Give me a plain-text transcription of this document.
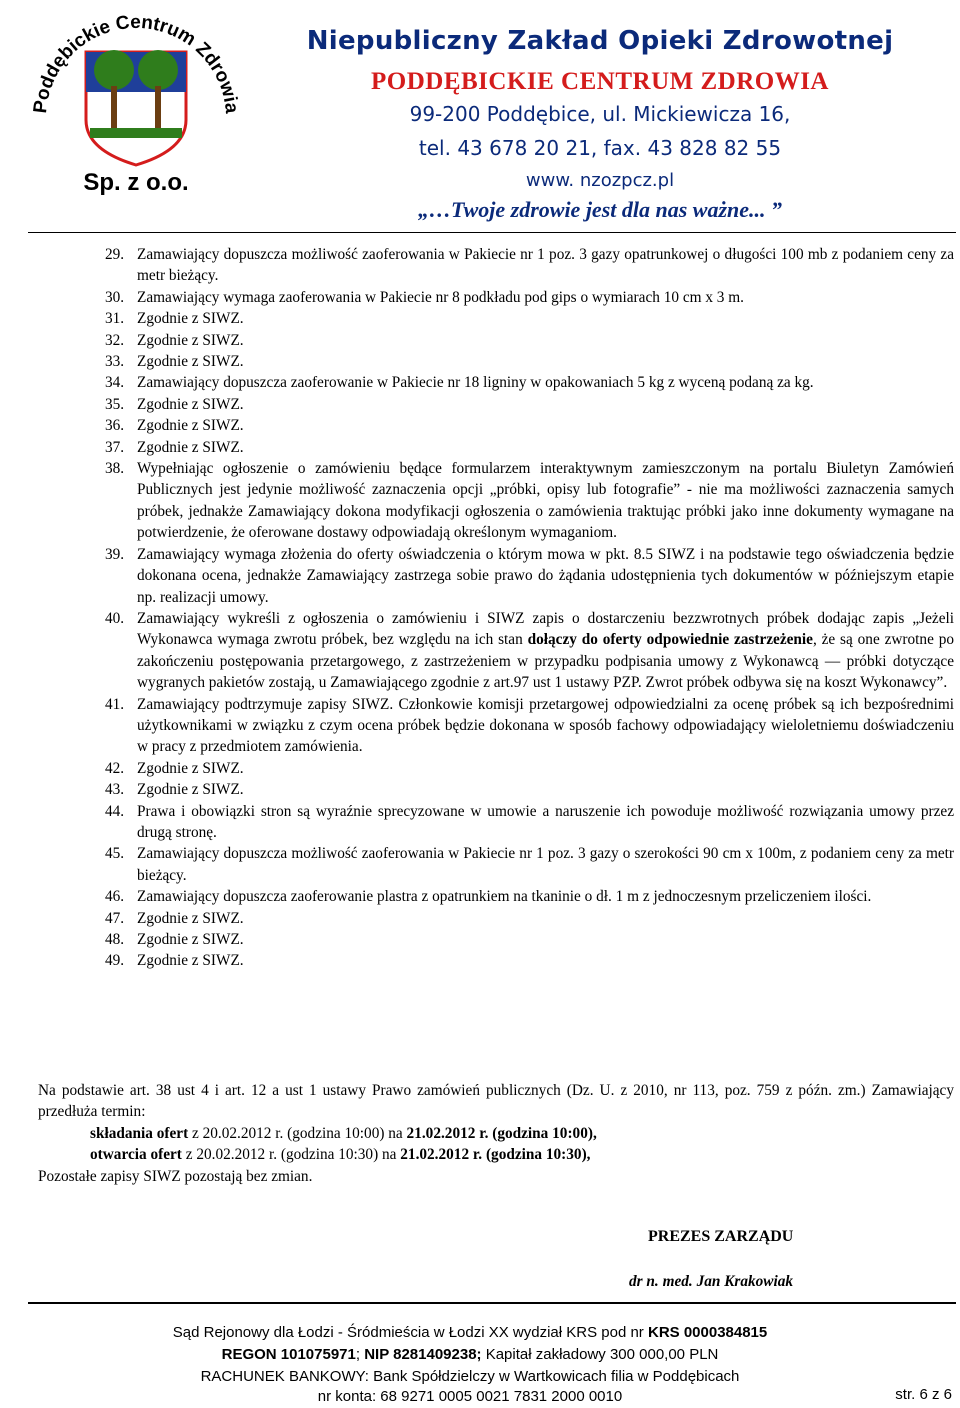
Poddębickie Centrum Zdrowia
Sp. z o.o.
Niepubliczny Zakład Opieki Zdrowotnej
PODDĘBICKIE CENTRUM ZDROWIA
99-200 Poddębice, ul. Mickiewicza 16,
tel. 43 678 20 21, fax. 43 828 82 55
www. nzozpcz.pl
„…Twoje zdrowie jest dla nas ważne... ”
29. Zamawiający dopuszcza możliwość zaoferowania w Pakiecie nr 1 poz. 3 gazy opatrunkowej o długości 100 mb z podaniem ceny za metr bieżący.
30. Zamawiający wymaga zaoferowania w Pakiecie nr 8 podkładu pod gips o wymiarach 10 cm x 3 m.
31. Zgodnie z SIWZ.
32. Zgodnie z SIWZ.
33. Zgodnie z SIWZ.
34. Zamawiający dopuszcza zaoferowanie w Pakiecie nr 18 ligniny w opakowaniach 5 kg z wyceną podaną za kg.
35. Zgodnie z SIWZ.
36. Zgodnie z SIWZ.
37. Zgodnie z SIWZ.
38. Wypełniając ogłoszenie o zamówieniu będące formularzem interaktywnym zamieszczonym na portalu Biuletyn Zamówień Publicznych jest jedynie możliwość zaznaczenia opcji „próbki, opisy lub fotografie” - nie ma możliwości zaznaczenia samych próbek, jednakże Zamawiający dokona modyfikacji ogłoszenia o zamówienia traktując próbki jako inne dokumenty wymagane na potwierdzenie, że oferowane dostawy odpowiadają określonym wymaganiom.
39. Zamawiający wymaga złożenia do oferty oświadczenia o którym mowa w pkt. 8.5 SIWZ i na podstawie tego oświadczenia będzie dokonana ocena, jednakże Zamawiający zastrzega sobie prawo do żądania udostępnienia tych dokumentów w późniejszym etapie np. realizacji umowy.
40. Zamawiający wykreśli z ogłoszenia o zamówieniu i SIWZ zapis o dostarczeniu bezzwrotnych próbek dodając zapis „Jeżeli Wykonawca wymaga zwrotu próbek, bez względu na ich stan dołączy do oferty odpowiednie zastrzeżenie, że są one zwrotne po zakończeniu postępowania przetargowego, z zastrzeżeniem w przypadku podpisania umowy z Wykonawcą — próbki dotyczące wygranych pakietów zostają, u Zamawiającego zgodnie z art.97 ust 1 ustawy PZP. Zwrot próbek odbywa się na koszt Wykonawcy”.
41. Zamawiający podtrzymuje zapisy SIWZ. Członkowie komisji przetargowej odpowiedzialni za ocenę próbek są ich bezpośrednimi użytkownikami w związku z czym ocena próbek będzie dokonana w sposób fachowy odpowiadający wieloletniemu doświadczeniu w pracy z przedmiotem zamówienia.
42. Zgodnie z SIWZ.
43. Zgodnie z SIWZ.
44. Prawa i obowiązki stron są wyraźnie sprecyzowane w umowie a naruszenie ich powoduje możliwość rozwiązania umowy przez drugą stronę.
45. Zamawiający dopuszcza możliwość zaoferowania w Pakiecie nr 1 poz. 3 gazy o szerokości 90 cm x 100m, z podaniem ceny za metr bieżący.
46. Zamawiający dopuszcza zaoferowanie plastra z opatrunkiem na tkaninie o dł. 1 m z jednoczesnym przeliczeniem ilości.
47. Zgodnie z SIWZ.
48. Zgodnie z SIWZ.
49. Zgodnie z SIWZ.
Na podstawie art. 38 ust 4 i art. 12 a ust 1 ustawy Prawo zamówień publicznych (Dz. U. z 2010, nr 113, poz. 759 z późn. zm.) Zamawiający przedłuża termin:
składania ofert z 20.02.2012 r. (godzina 10:00) na 21.02.2012 r. (godzina 10:00),
otwarcia ofert z 20.02.2012 r. (godzina 10:30) na 21.02.2012 r. (godzina 10:30),
Pozostałe zapisy SIWZ pozostają bez zmian.
PREZES ZARZĄDU
dr n. med. Jan Krakowiak
Sąd Rejonowy dla Łodzi - Śródmieścia w Łodzi XX wydział KRS pod nr KRS 0000384815
REGON 101075971; NIP 8281409238; Kapitał zakładowy 300 000,00 PLN
RACHUNEK BANKOWY: Bank Spółdzielczy w Wartkowicach filia w Poddębicach
nr konta: 68 9271 0005 0021 7831 2000 0010	str. 6 z 6
